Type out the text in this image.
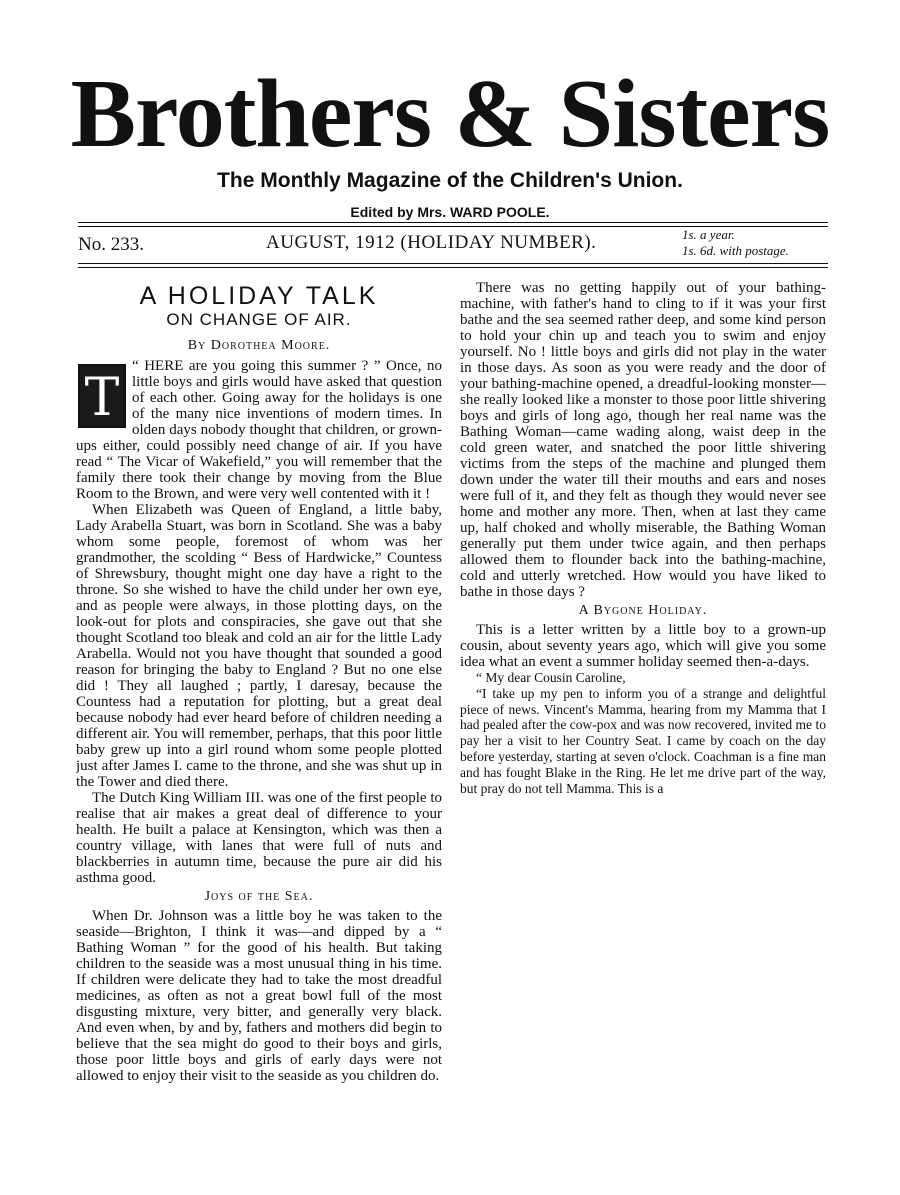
Brothers & Sisters
The Monthly Magazine of the Children's Union.
Edited by Mrs. WARD POOLE.
No. 233.	AUGUST, 1912 (HOLIDAY NUMBER).	1s. a year.
1s. 6d. with postage.
A HOLIDAY TALK
ON CHANGE OF AIR.
By Dorothea Moore.
T

“ HERE are you going this summer ? ” Once, no little boys and girls would have asked that question of each other. Going away for the holidays is one of the many nice inventions of modern times. In olden days nobody thought that children, or grown-ups either, could possibly need change of air. If you have read “ The Vicar of Wakefield,” you will remember that the family there took their change by moving from the Blue Room to the Brown, and were very well contented with it !

When Elizabeth was Queen of England, a little baby, Lady Arabella Stuart, was born in Scotland. She was a baby whom some people, foremost of whom was her grandmother, the scolding “ Bess of Hardwicke,” Countess of Shrewsbury, thought might one day have a right to the throne. So she wished to have the child under her own eye, and as people were always, in those plotting days, on the look-out for plots and conspiracies, she gave out that she thought Scotland too bleak and cold an air for the little Lady Arabella. Would not you have thought that sounded a good reason for bringing the baby to England ? But no one else did ! They all laughed ; partly, I daresay, because the Countess had a reputation for plotting, but a great deal because nobody had ever heard before of children needing a different air. You will remember, perhaps, that this poor little baby grew up into a girl round whom some people plotted just after James I. came to the throne, and she was shut up in the Tower and died there.

The Dutch King William III. was one of the first people to realise that air makes a great deal of difference to your health. He built a palace at Kensington, which was then a country village, with lanes that were full of nuts and blackberries in autumn time, because the pure air did his asthma good.

Joys of the Sea.

When Dr. Johnson was a little boy he was taken to the seaside—Brighton, I think it was—and dipped by a “ Bathing Woman ” for the good of his health. But taking children to the seaside was a most unusual thing in his time. If children were delicate they had to take the most dreadful medicines, as often as not a great bowl full of the most disgusting mixture, very bitter, and generally very black. And even when, by and by, fathers and mothers did begin to believe that the sea might do good to their boys and girls, those poor little boys and girls of early days were not allowed to enjoy their visit to the seaside as you children do.

There was no getting happily out of your bathing-machine, with father's hand to cling to if it was your first bathe and the sea seemed rather deep, and some kind person to hold your chin up and teach you to swim and enjoy yourself. No ! little boys and girls did not play in the water in those days. As soon as you were ready and the door of your bathing-machine opened, a dreadful-looking monster—she really looked like a monster to those poor little shivering boys and girls of long ago, though her real name was the Bathing Woman—came wading along, waist deep in the cold green water, and snatched the poor little shivering victims from the steps of the machine and plunged them down under the water till their mouths and ears and noses were full of it, and they felt as though they would never see home and mother any more. Then, when at last they came up, half choked and wholly miserable, the Bathing Woman generally put them under twice again, and then perhaps allowed them to flounder back into the bathing-machine, cold and utterly wretched. How would you have liked to bathe in those days ?

A Bygone Holiday.

This is a letter written by a little boy to a grown-up cousin, about seventy years ago, which will give you some idea what an event a summer holiday seemed then-a-days.

“ My dear Cousin Caroline,

“I take up my pen to inform you of a strange and delightful piece of news. Vincent's Mamma, hearing from my Mamma that I had pealed after the cow-pox and was now recovered, invited me to pay her a visit to her Country Seat. I came by coach on the day before yesterday, starting at seven o'clock. Coachman is a fine man and has fought Blake in the Ring. He let me drive part of the way, but pray do not tell Mamma. This is a
